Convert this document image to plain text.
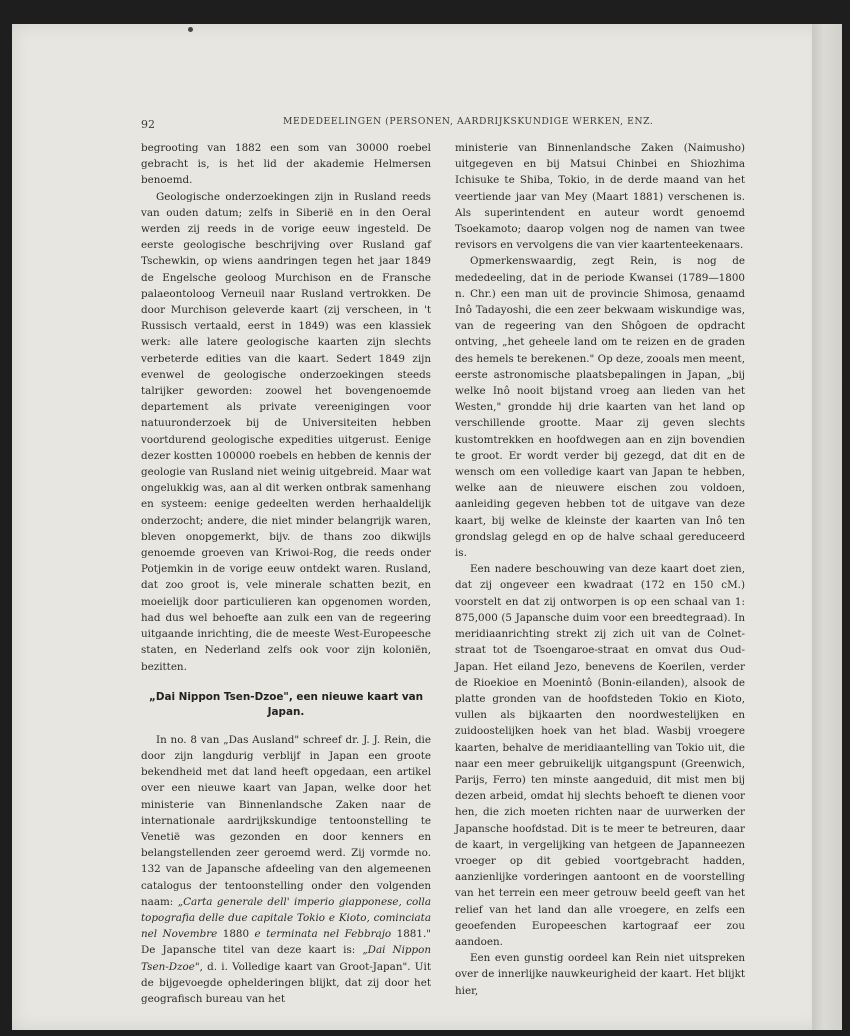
92	MEDEDEELINGEN (PERSONEN, AARDRIJKSKUNDIGE WERKEN, ENZ.

begrooting van 1882 een som van 30000 roebel gebracht is, is het lid der akademie Helmersen benoemd.

Geologische onderzoekingen zijn in Rusland reeds van ouden datum; zelfs in Siberië en in den Oeral werden zij reeds in de vorige eeuw ingesteld. De eerste geologische beschrijving over Rusland gaf Tschewkin, op wiens aandringen tegen het jaar 1849 de Engelsche geoloog Murchison en de Fransche palaeontoloog Verneuil naar Rusland vertrokken. De door Murchison geleverde kaart (zij verscheen, in 't Russisch vertaald, eerst in 1849) was een klassiek werk: alle latere geologische kaarten zijn slechts verbeterde edities van die kaart. Sedert 1849 zijn evenwel de geologische onderzoekingen steeds talrijker geworden: zoowel het bovengenoemde departement als private vereenigingen voor natuuronderzoek bij de Universiteiten hebben voortdurend geologische expedities uitgerust. Eenige dezer kostten 100000 roebels en hebben de kennis der geologie van Rusland niet weinig uitgebreid. Maar wat ongelukkig was, aan al dit werken ontbrak samenhang en systeem: eenige gedeelten werden herhaaldelijk onderzocht; andere, die niet minder belangrijk waren, bleven onopgemerkt, bijv. de thans zoo dikwijls genoemde groeven van Kriwoi-Rog, die reeds onder Potjemkin in de vorige eeuw ontdekt waren. Rusland, dat zoo groot is, vele minerale schatten bezit, en moeielijk door particulieren kan opgenomen worden, had dus wel behoefte aan zulk een van de regeering uitgaande inrichting, die de meeste West-Europeesche staten, en Nederland zelfs ook voor zijn koloniën, bezitten.

„Dai Nippon Tsen-Dzoe", een nieuwe kaart van
Japan.

In no. 8 van „Das Ausland" schreef dr. J. J. Rein, die door zijn langdurig verblijf in Japan een groote bekendheid met dat land heeft opgedaan, een artikel over een nieuwe kaart van Japan, welke door het ministerie van Binnenlandsche Zaken naar de internationale aardrijkskundige tentoonstelling te Venetië was gezonden en door kenners en belangstellenden zeer geroemd werd. Zij vormde no. 132 van de Japansche afdeeling van den algemeenen catalogus der tentoonstelling onder den volgenden naam: „Carta generale dell' imperio giapponese, colla topografia delle due capitale Tokio e Kioto, cominciata nel Novembre 1880 e terminata nel Febbrajo 1881." De Japansche titel van deze kaart is: „Dai Nippon Tsen-Dzoe", d. i. Volledige kaart van Groot-Japan". Uit de bijgevoegde ophelderingen blijkt, dat zij door het geografisch bureau van het

ministerie van Binnenlandsche Zaken (Naimusho) uitgegeven en bij Matsui Chinbei en Shiozhima Ichisuke te Shiba, Tokio, in de derde maand van het veertiende jaar van Mey (Maart 1881) verschenen is. Als superintendent en auteur wordt genoemd Tsoekamoto; daarop volgen nog de namen van twee revisors en vervolgens die van vier kaartenteekenaars.

Opmerkenswaardig, zegt Rein, is nog de mededeeling, dat in de periode Kwansei (1789—1800 n. Chr.) een man uit de provincie Shimosa, genaamd Inô Tadayoshi, die een zeer bekwaam wiskundige was, van de regeering van den Shôgoen de opdracht ontving, „het geheele land om te reizen en de graden des hemels te berekenen." Op deze, zooals men meent, eerste astronomische plaatsbepalingen in Japan, „bij welke Inô nooit bijstand vroeg aan lieden van het Westen," grondde hij drie kaarten van het land op verschillende grootte. Maar zij geven slechts kustomtrekken en hoofdwegen aan en zijn bovendien te groot. Er wordt verder bij gezegd, dat dit en de wensch om een volledige kaart van Japan te hebben, welke aan de nieuwere eischen zou voldoen, aanleiding gegeven hebben tot de uitgave van deze kaart, bij welke de kleinste der kaarten van Inô ten grondslag gelegd en op de halve schaal gereduceerd is.

Een nadere beschouwing van deze kaart doet zien, dat zij ongeveer een kwadraat (172 en 150 cM.) voorstelt en dat zij ontworpen is op een schaal van 1: 875,000 (5 Japansche duim voor een breedtegraad). In meridiaanrichting strekt zij zich uit van de Colnet-straat tot de Tsoengaroe-straat en omvat dus Oud-Japan. Het eiland Jezo, benevens de Koerilen, verder de Rioekioe en Moenintô (Bonin-eilanden), alsook de platte gronden van de hoofdsteden Tokio en Kioto, vullen als bijkaarten den noordwestelijken en zuidoostelijken hoek van het blad. Wasbij vroegere kaarten, behalve de meridiaantelling van Tokio uit, die naar een meer gebruikelijk uitgangspunt (Greenwich, Parijs, Ferro) ten minste aangeduid, dit mist men bij dezen arbeid, omdat hij slechts behoeft te dienen voor hen, die zich moeten richten naar de uurwerken der Japansche hoofdstad. Dit is te meer te betreuren, daar de kaart, in vergelijking van hetgeen de Japanneezen vroeger op dit gebied voortgebracht hadden, aanzienlijke vorderingen aantoont en de voorstelling van het terrein een meer getrouw beeld geeft van het relief van het land dan alle vroegere, en zelfs een geoefenden Europeeschen kartograaf eer zou aandoen.

Een even gunstig oordeel kan Rein niet uitspreken over de innerlijke nauwkeurigheid der kaart. Het blijkt hier,
